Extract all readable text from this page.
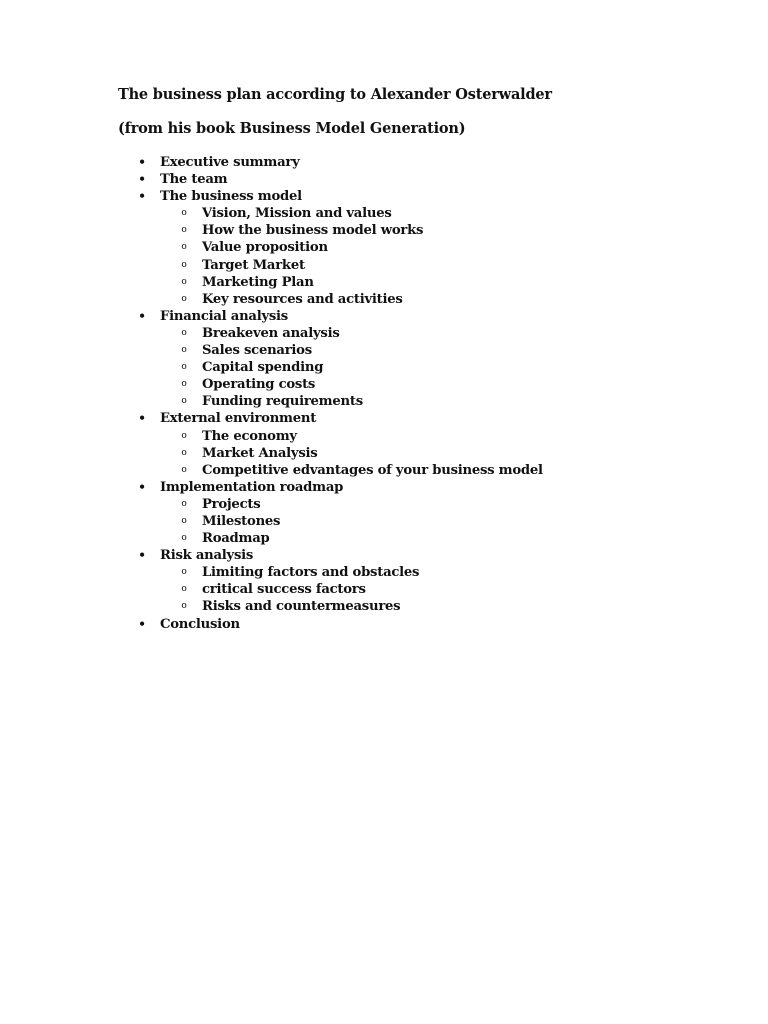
The business plan according to Alexander Osterwalder
(from his book Business Model Generation)
• Executive summary
• The team
• The business model
o Vision, Mission and values
o How the business model works
o Value proposition
o Target Market
o Marketing Plan
o Key resources and activities
• Financial analysis
o Breakeven analysis
o Sales scenarios
o Capital spending
o Operating costs
o Funding requirements
• External environment
o The economy
o Market Analysis
o Competitive edvantages of your business model
• Implementation roadmap
o Projects
o Milestones
o Roadmap
• Risk analysis
o Limiting factors and obstacles
o critical success factors
o Risks and countermeasures
• Conclusion
